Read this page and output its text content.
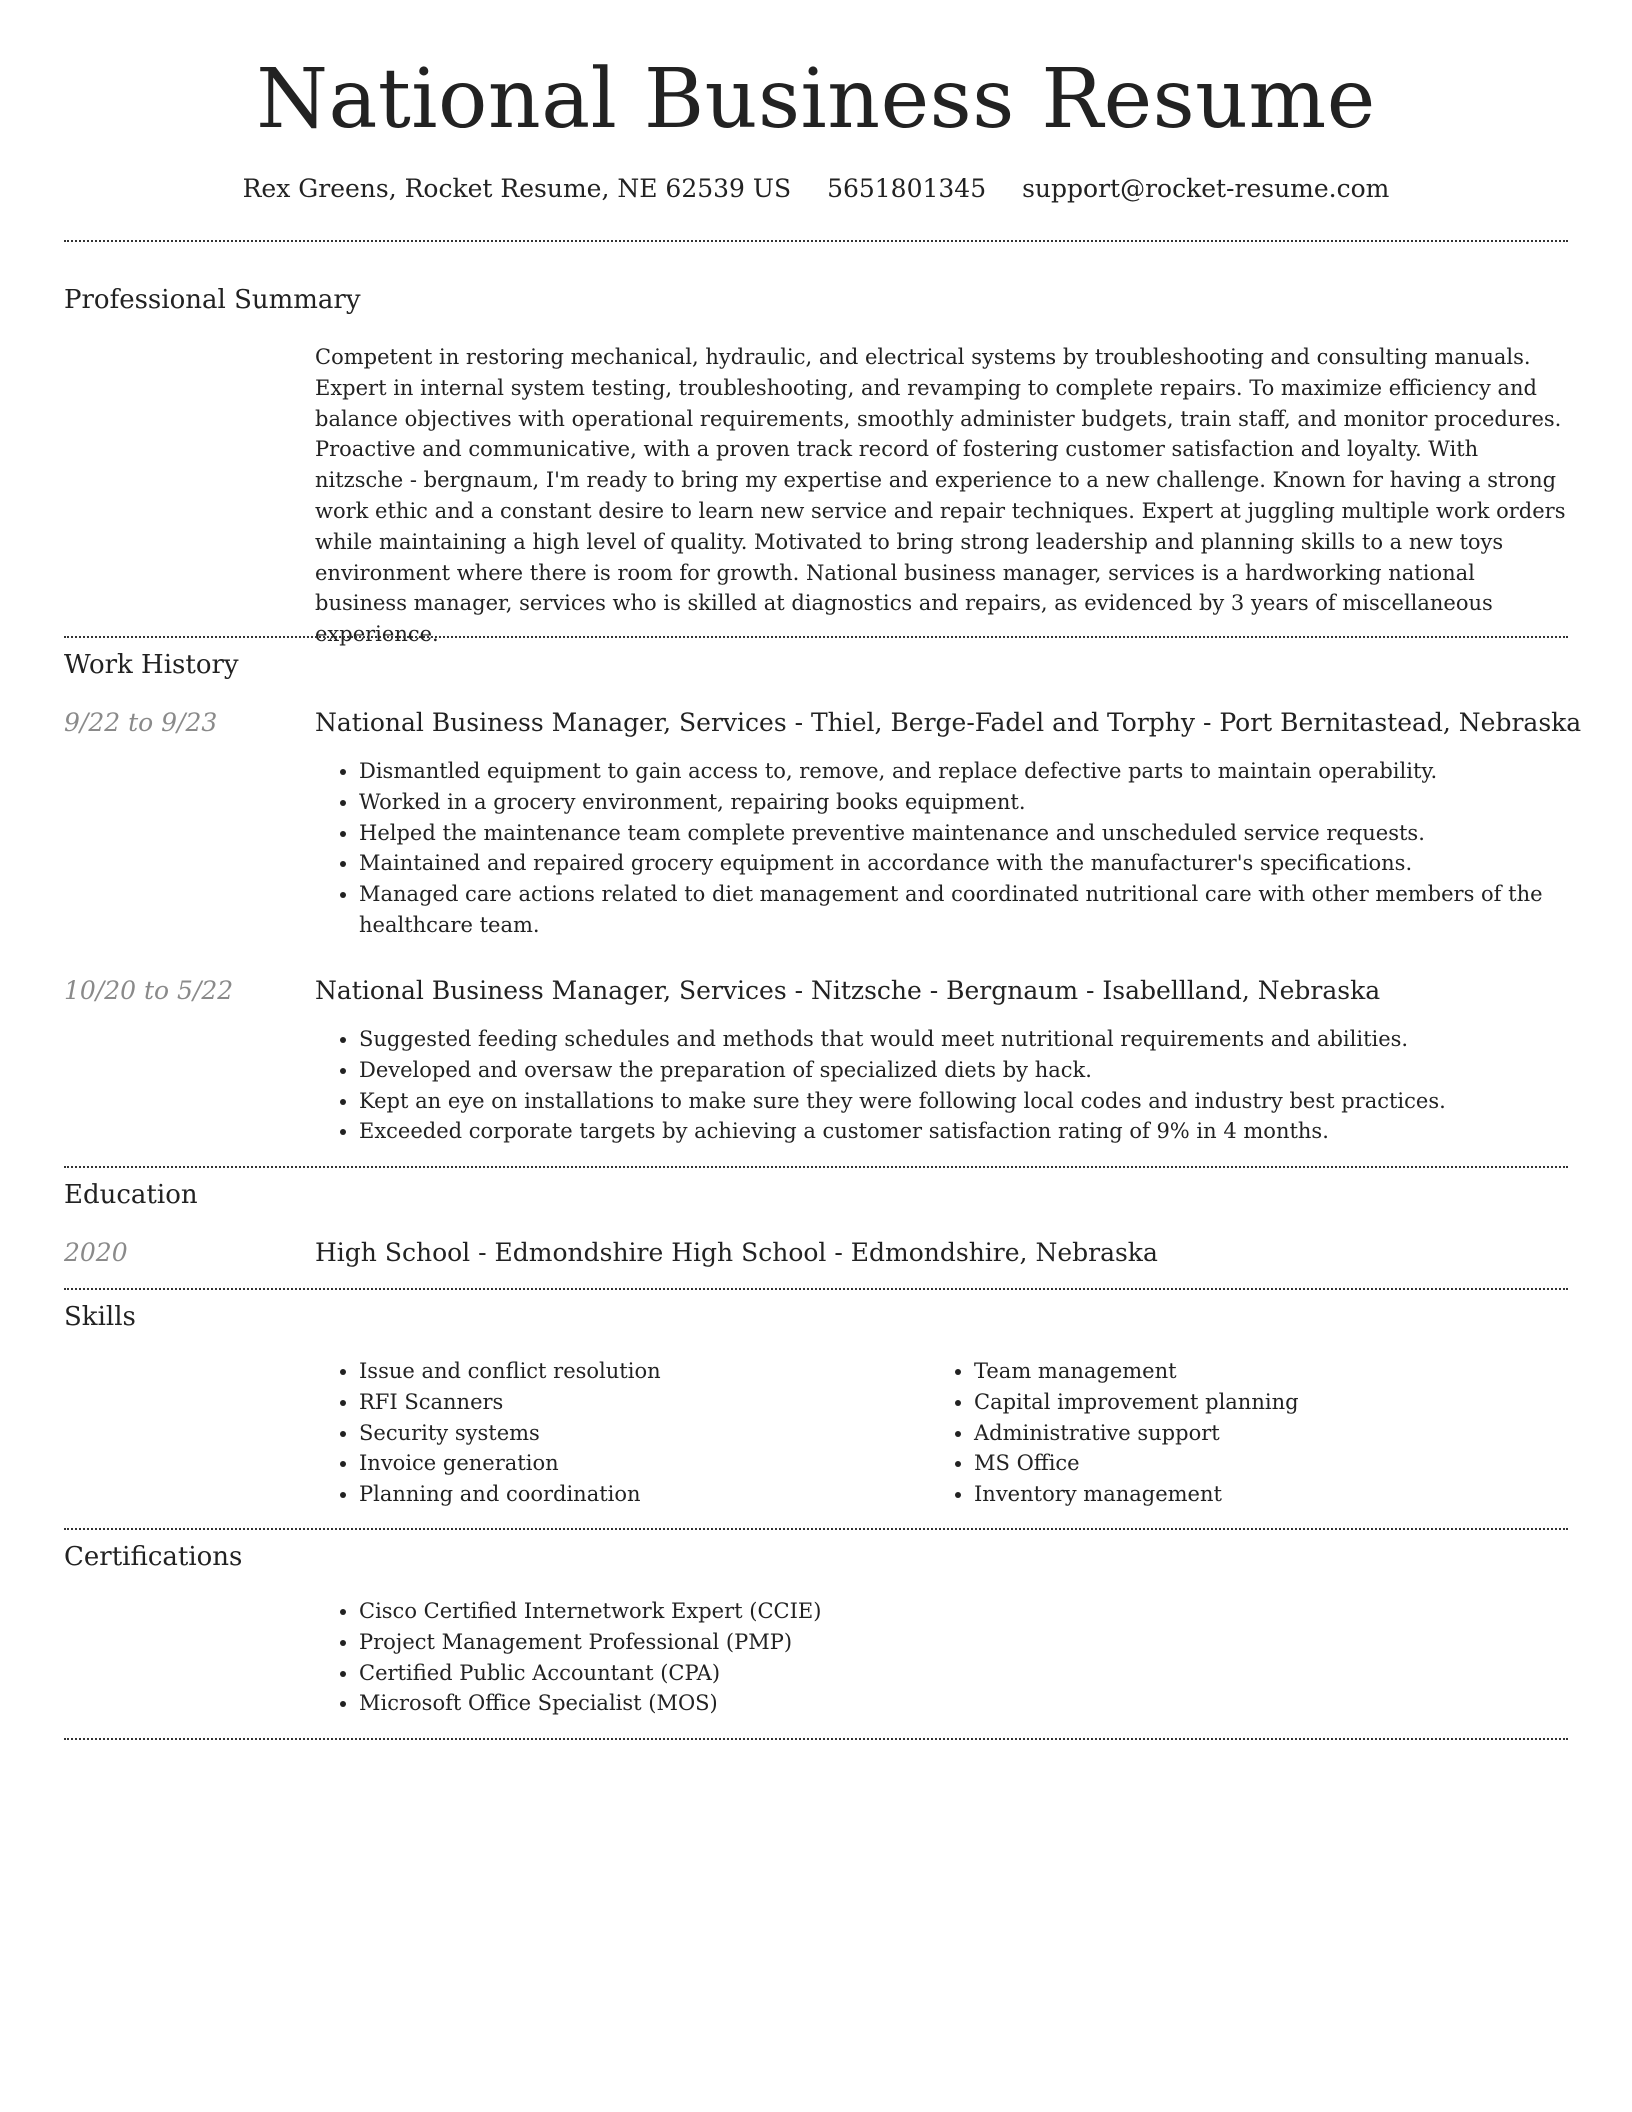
National Business Resume
Rex Greens, Rocket Resume, NE 62539 US 5651801345 support@rocket-resume.com
Professional Summary

Competent in restoring mechanical, hydraulic, and electrical systems by troubleshooting and consulting manuals. Expert in internal system testing, troubleshooting, and revamping to complete repairs. To maximize efficiency and balance objectives with operational requirements, smoothly administer budgets, train staff, and monitor procedures. Proactive and communicative, with a proven track record of fostering customer satisfaction and loyalty. With nitzsche - bergnaum, I'm ready to bring my expertise and experience to a new challenge. Known for having a strong work ethic and a constant desire to learn new service and repair techniques. Expert at juggling multiple work orders while maintaining a high level of quality. Motivated to bring strong leadership and planning skills to a new toys environment where there is room for growth. National business manager, services is a hardworking national business manager, services who is skilled at diagnostics and repairs, as evidenced by 3 years of miscellaneous experience.

Work History
9/22 to 9/23	National Business Manager, Services - Thiel, Berge-Fadel and Torphy - Port Bernitastead, Nebraska
• Dismantled equipment to gain access to, remove, and replace defective parts to maintain operability.
• Worked in a grocery environment, repairing books equipment.
• Helped the maintenance team complete preventive maintenance and unscheduled service requests.
• Maintained and repaired grocery equipment in accordance with the manufacturer's specifications.
• Managed care actions related to diet management and coordinated nutritional care with other members of the healthcare team.
10/20 to 5/22	National Business Manager, Services - Nitzsche - Bergnaum - Isabellland, Nebraska
• Suggested feeding schedules and methods that would meet nutritional requirements and abilities.
• Developed and oversaw the preparation of specialized diets by hack.
• Kept an eye on installations to make sure they were following local codes and industry best practices.
• Exceeded corporate targets by achieving a customer satisfaction rating of 9% in 4 months.
Education
2020	High School - Edmondshire High School - Edmondshire, Nebraska
Skills
• Issue and conflict resolution
• RFI Scanners
• Security systems
• Invoice generation
• Planning and coordination
• Team management
• Capital improvement planning
• Administrative support
• MS Office
• Inventory management
Certifications
• Cisco Certified Internetwork Expert (CCIE)
• Project Management Professional (PMP)
• Certified Public Accountant (CPA)
• Microsoft Office Specialist (MOS)
